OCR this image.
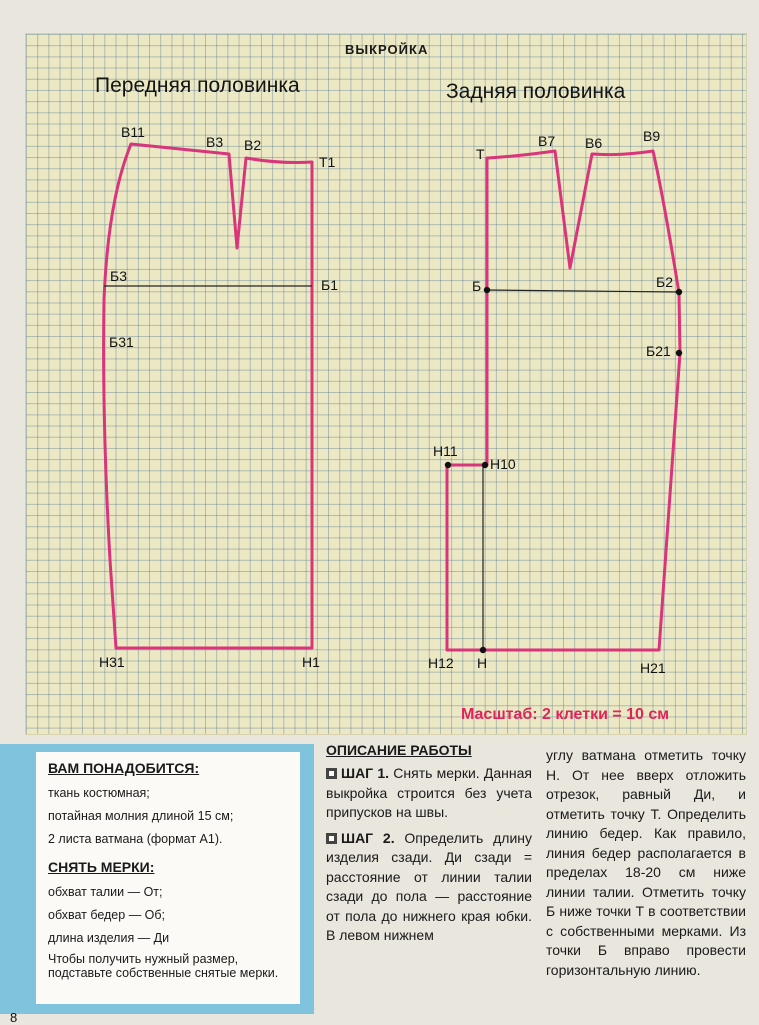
ВЫКРОЙКА
Передняя половинка	Задняя половинка
В11
В3 В2
Т1
Б3
Б1
Б31
Н31	Н1
Т
В7 В6	В9
Б	Б2
Б21
Н11
Н10
Н12 Н	Н21
Масштаб: 2 клетки = 10 см

ВАМ ПОНАДОБИТСЯ:

ткань костюмная;

потайная молния длиной 15 см;

2 листа ватмана (формат А1).

СНЯТЬ МЕРКИ:

обхват талии — От;

обхват бедер — Об;

длина изделия — Ди

Чтобы получить нужный размер, подставьте собственные снятые мерки.

ОПИСАНИЕ РАБОТЫ

ШАГ 1. Снять мерки. Данная выкройка строится без учета припусков на швы.

ШАГ 2. Определить длину изделия сзади. Ди сзади = расстояние от линии талии сзади до пола — расстояние от пола до нижнего края юбки. В левом нижнем

углу ватмана отметить точку Н. От нее вверх отложить отрезок, равный Ди, и отметить точку Т. Определить линию бедер. Как правило, линия бедер располагается в пределах 18-20 см ниже линии талии. Отметить точку Б ниже точки Т в соответствии с собственными мерками. Из точки Б вправо провести горизонтальную линию.

8
